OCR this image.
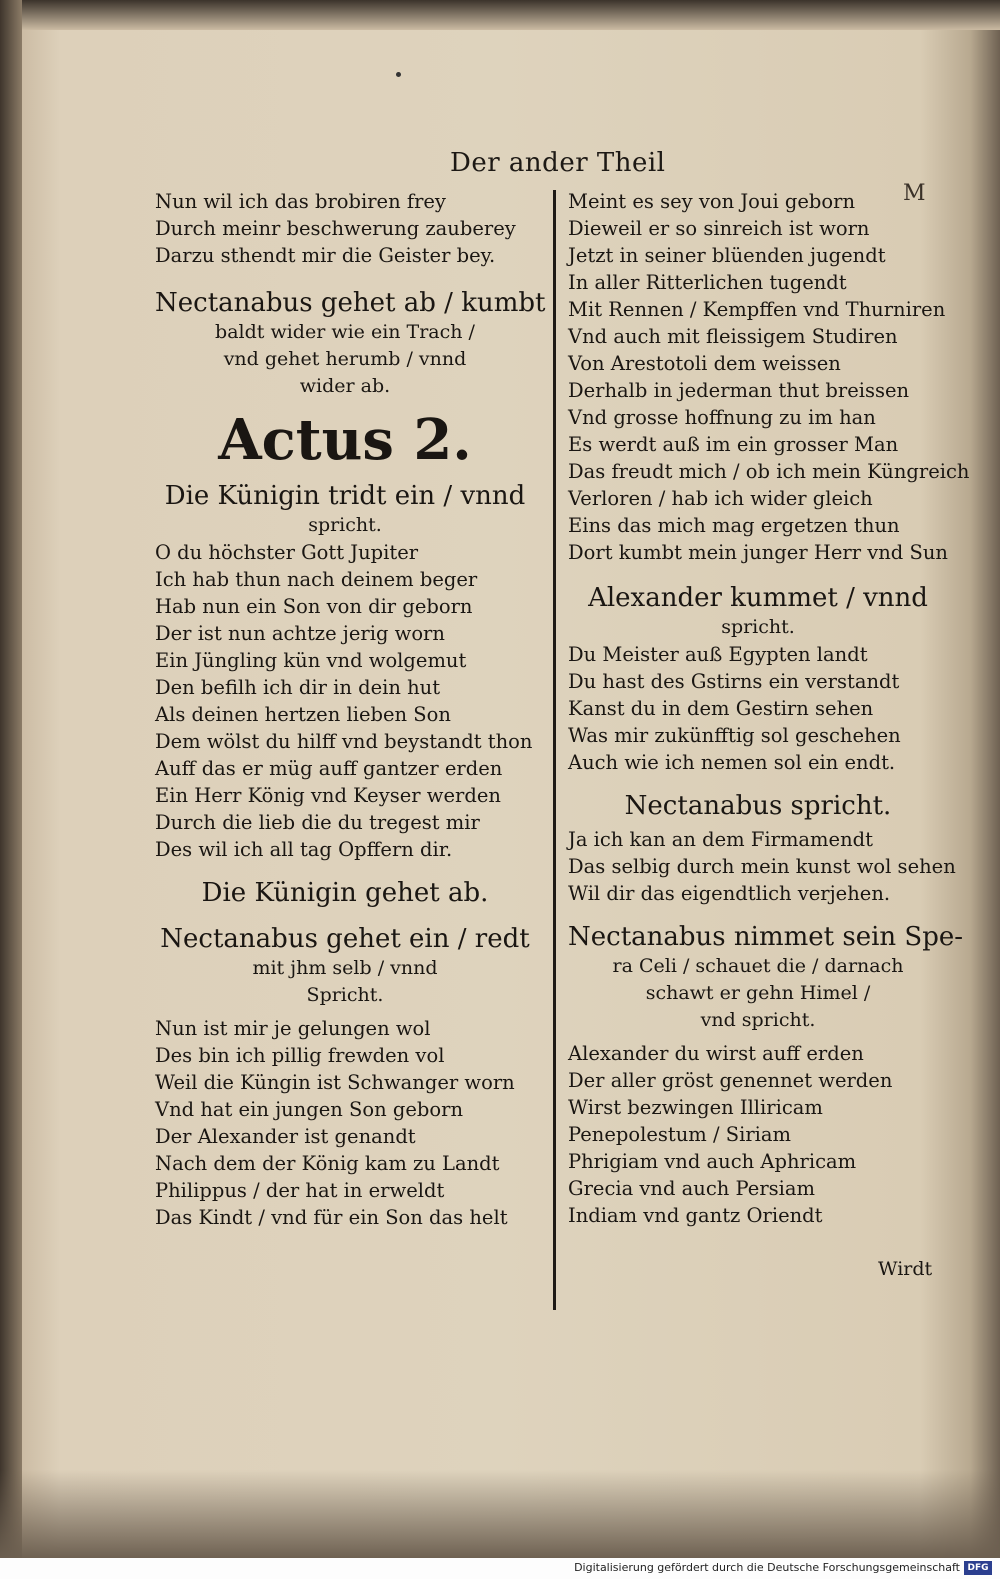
Der ander Theil
M
Nun wil ich das brobiren frey
Durch meinr beschwerung zauberey
Darzu sthendt mir die Geister bey.
Nectanabus gehet ab / kumbt
baldt wider wie ein Trach /
vnd gehet herumb / vnnd
wider ab.
Actus 2.
Die Künigin tridt ein / vnnd
spricht.
O du höchster Gott Jupiter
Ich hab thun nach deinem beger
Hab nun ein Son von dir geborn
Der ist nun achtze jerig worn
Ein Jüngling kün vnd wolgemut
Den befilh ich dir in dein hut
Als deinen hertzen lieben Son
Dem wölst du hilff vnd beystandt thon
Auff das er müg auff gantzer erden
Ein Herr König vnd Keyser werden
Durch die lieb die du tregest mir
Des wil ich all tag Opffern dir.
Die Künigin gehet ab.
Nectanabus gehet ein / redt
mit jhm selb / vnnd
Spricht.
Nun ist mir je gelungen wol
Des bin ich pillig frewden vol
Weil die Küngin ist Schwanger worn
Vnd hat ein jungen Son geborn
Der Alexander ist genandt
Nach dem der König kam zu Landt
Philippus / der hat in erweldt
Das Kindt / vnd für ein Son das helt
Meint es sey von Joui geborn
Dieweil er so sinreich ist worn
Jetzt in seiner blüenden jugendt
In aller Ritterlichen tugendt
Mit Rennen / Kempffen vnd Thurniren
Vnd auch mit fleissigem Studiren
Von Arestotoli dem weissen
Derhalb in jederman thut breissen
Vnd grosse hoffnung zu im han
Es werdt auß im ein grosser Man
Das freudt mich / ob ich mein Küngreich
Verloren / hab ich wider gleich
Eins das mich mag ergetzen thun
Dort kumbt mein junger Herr vnd Sun
Alexander kummet / vnnd
spricht.
Du Meister auß Egypten landt
Du hast des Gstirns ein verstandt
Kanst du in dem Gestirn sehen
Was mir zukünfftig sol geschehen
Auch wie ich nemen sol ein endt.
Nectanabus spricht.
Ja ich kan an dem Firmamendt
Das selbig durch mein kunst wol sehen
Wil dir das eigendtlich verjehen.
Nectanabus nimmet sein Spe-
ra Celi / schauet die / darnach
schawt er gehn Himel /
vnd spricht.
Alexander du wirst auff erden
Der aller gröst genennet werden
Wirst bezwingen Illiricam
Penepolestum / Siriam
Phrigiam vnd auch Aphricam
Grecia vnd auch Persiam
Indiam vnd gantz Oriendt
Wirdt
Digitalisierung gefördert durch die Deutsche Forschungsgemeinschaft DFG
